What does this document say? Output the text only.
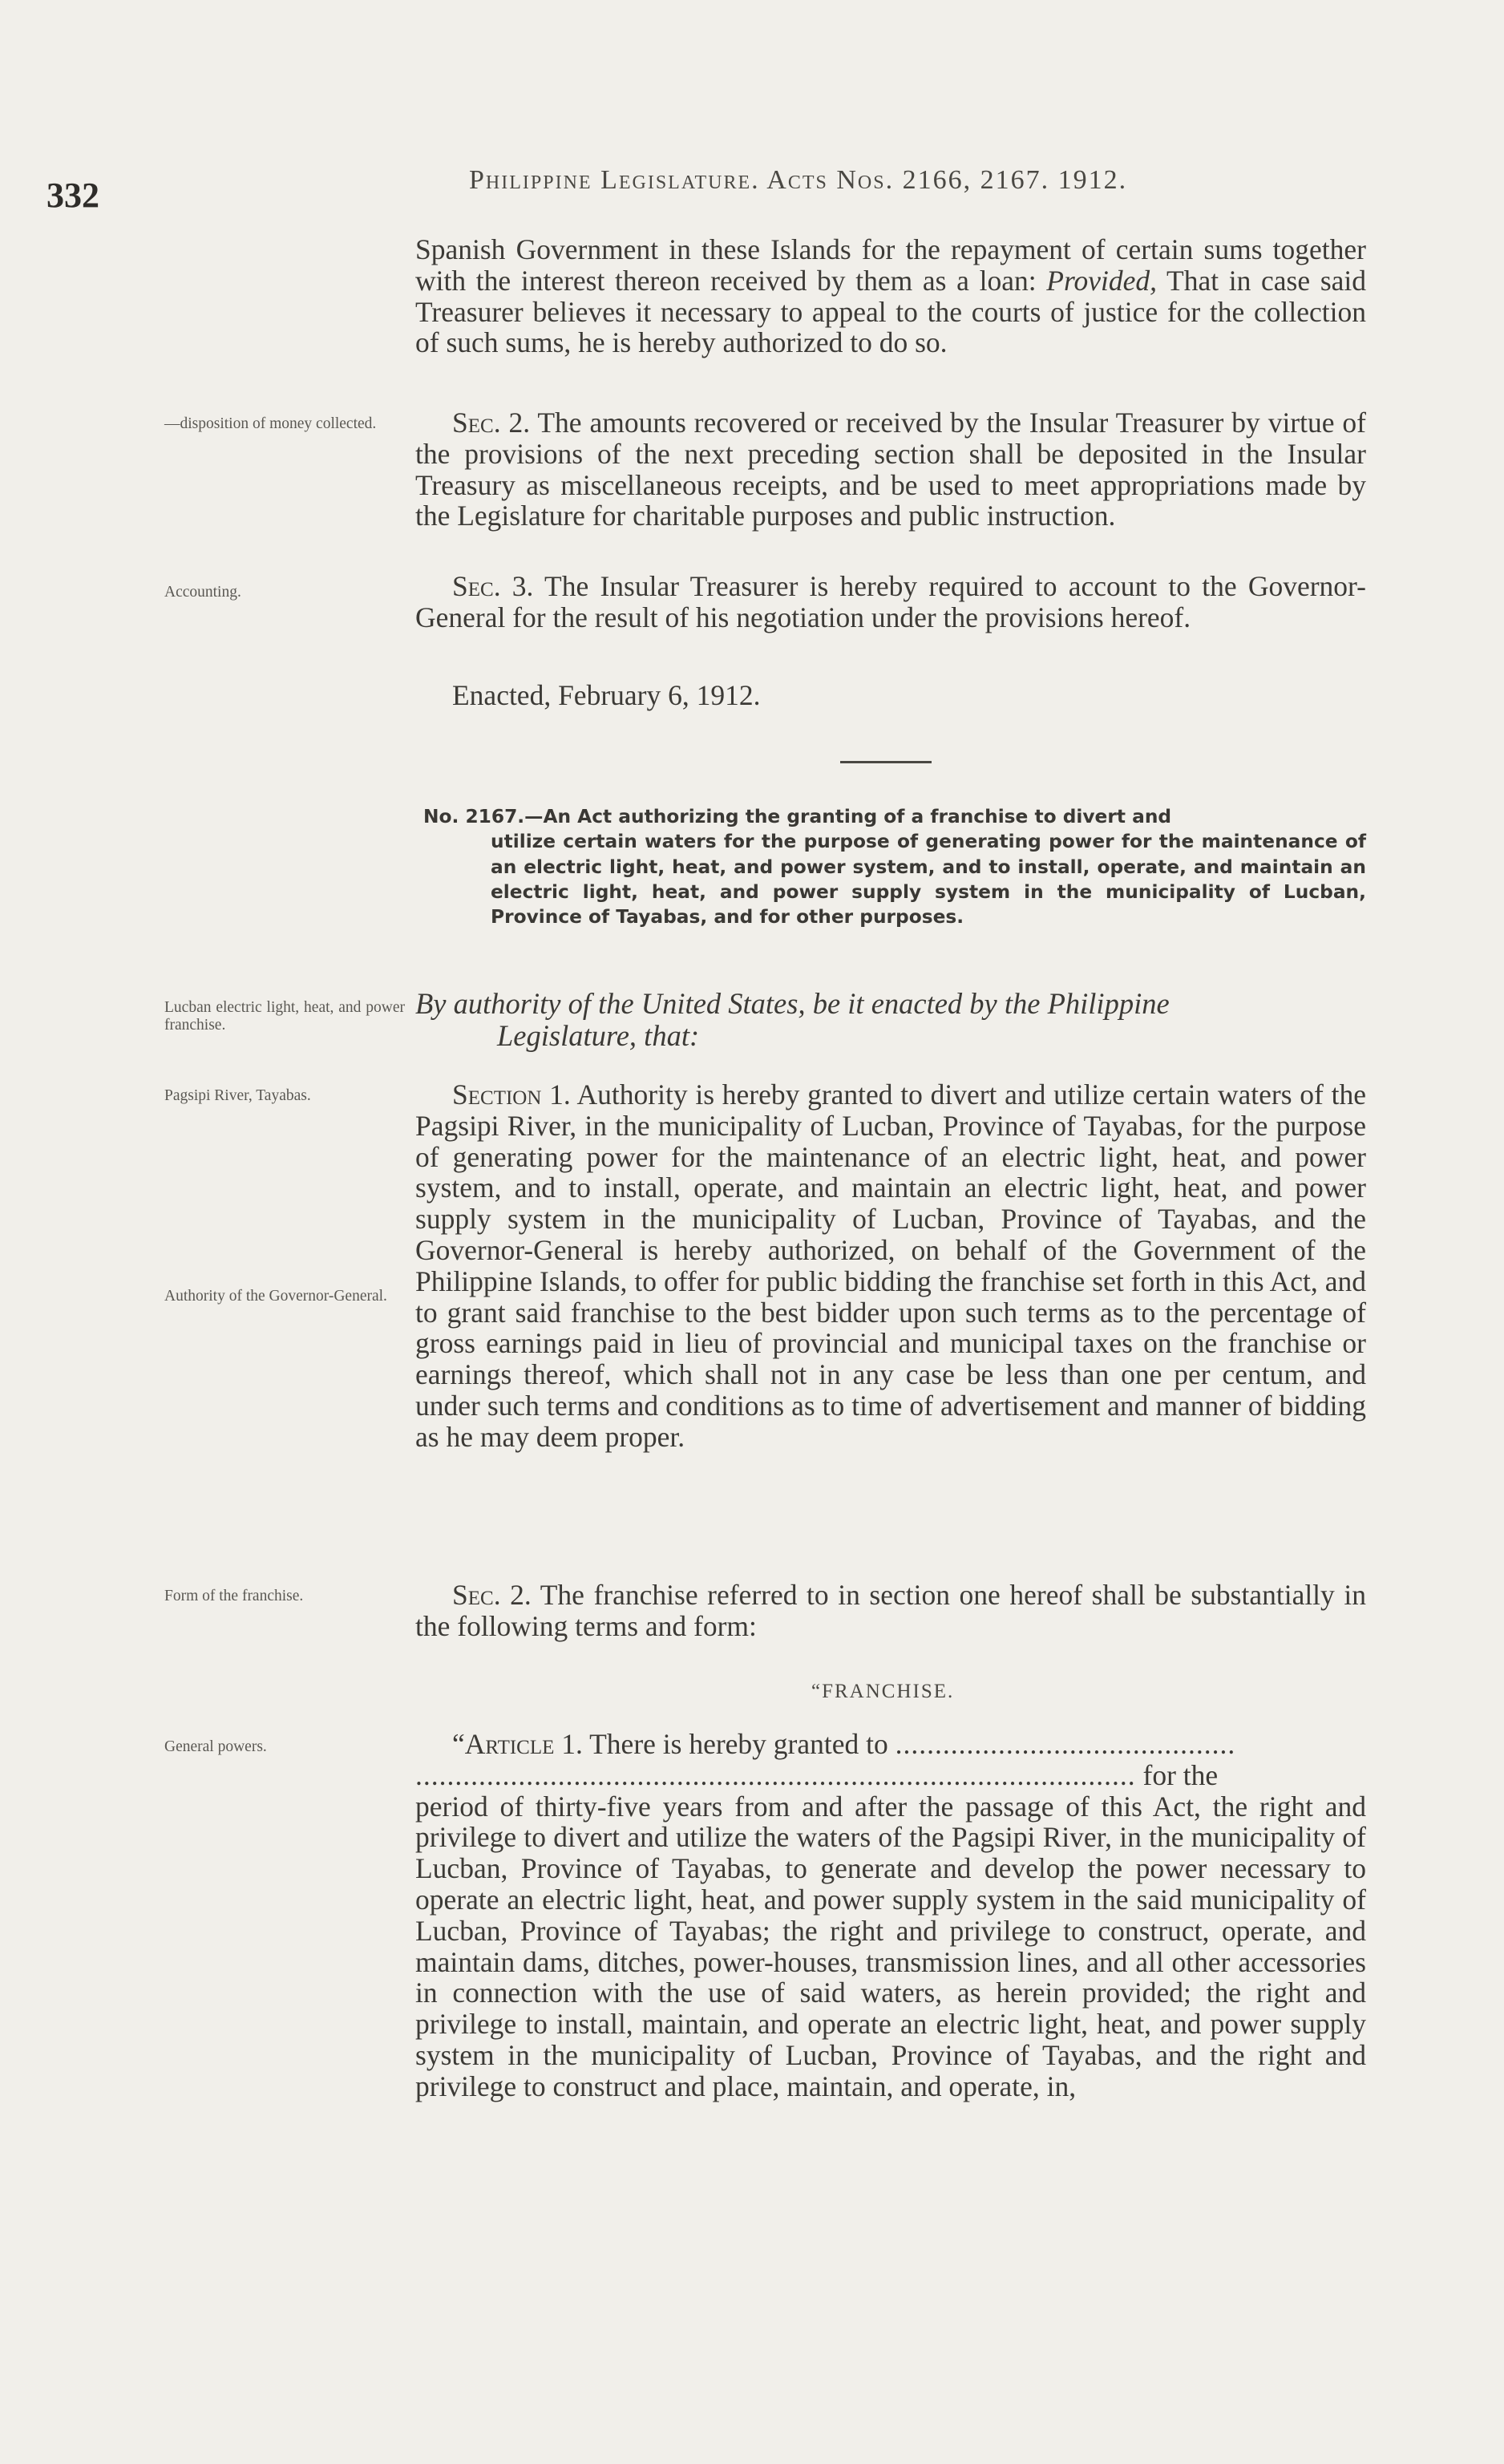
332	Philippine Legislature. Acts Nos. 2166, 2167. 1912.

Spanish Government in these Islands for the repayment of certain sums together with the interest thereon received by them as a loan: Provided, That in case said Treasurer believes it necessary to appeal to the courts of justice for the collection of such sums, he is hereby authorized to do so.

—disposition of money collected.	Sec. 2. The amounts recovered or received by the Insular Treasurer by virtue of the provisions of the next preceding section shall be deposited in the Insular Treasury as miscellaneous receipts, and be used to meet appropriations made by the Legislature for charitable purposes and public instruction.

Accounting.	Sec. 3. The Insular Treasurer is hereby required to account to the Governor-General for the result of his negotiation under the provisions hereof.

Enacted, February 6, 1912.

No. 2167.—An Act authorizing the granting of a franchise to divert and
utilize certain waters for the purpose of generating power for the maintenance of an electric light, heat, and power system, and to install, operate, and maintain an electric light, heat, and power supply system in the municipality of Lucban, Province of Tayabas, and for other purposes.
Lucban electric light, heat, and power franchise.
By authority of the United States, be it enacted by the Philippine
Legislature, that:
Pagsipi River, Tayabas.
Authority of the Governor-General.

Section 1. Authority is hereby granted to divert and utilize certain waters of the Pagsipi River, in the municipality of Lucban, Province of Tayabas, for the purpose of generating power for the maintenance of an electric light, heat, and power system, and to install, operate, and maintain an electric light, heat, and power supply system in the municipality of Lucban, Province of Tayabas, and the Governor-General is hereby authorized, on behalf of the Government of the Philippine Islands, to offer for public bidding the franchise set forth in this Act, and to grant said franchise to the best bidder upon such terms as to the percentage of gross earnings paid in lieu of provincial and municipal taxes on the franchise or earnings thereof, which shall not in any case be less than one per centum, and under such terms and conditions as to time of advertisement and manner of bidding as he may deem proper.

Form of the franchise.	Sec. 2. The franchise referred to in section one hereof shall be substantially in the following terms and form:

“FRANCHISE.
General powers.	“Article 1. There is hereby granted to ...........................................

........................................................................................... for the

period of thirty-five years from and after the passage of this Act, the right and privilege to divert and utilize the waters of the Pagsipi River, in the municipality of Lucban, Province of Tayabas, to generate and develop the power necessary to operate an electric light, heat, and power supply system in the said municipality of Lucban, Province of Tayabas; the right and privilege to construct, operate, and maintain dams, ditches, power-houses, transmission lines, and all other accessories in connection with the use of said waters, as herein provided; the right and privilege to install, maintain, and operate an electric light, heat, and power supply system in the municipality of Lucban, Province of Tayabas, and the right and privilege to construct and place, maintain, and operate, in,
